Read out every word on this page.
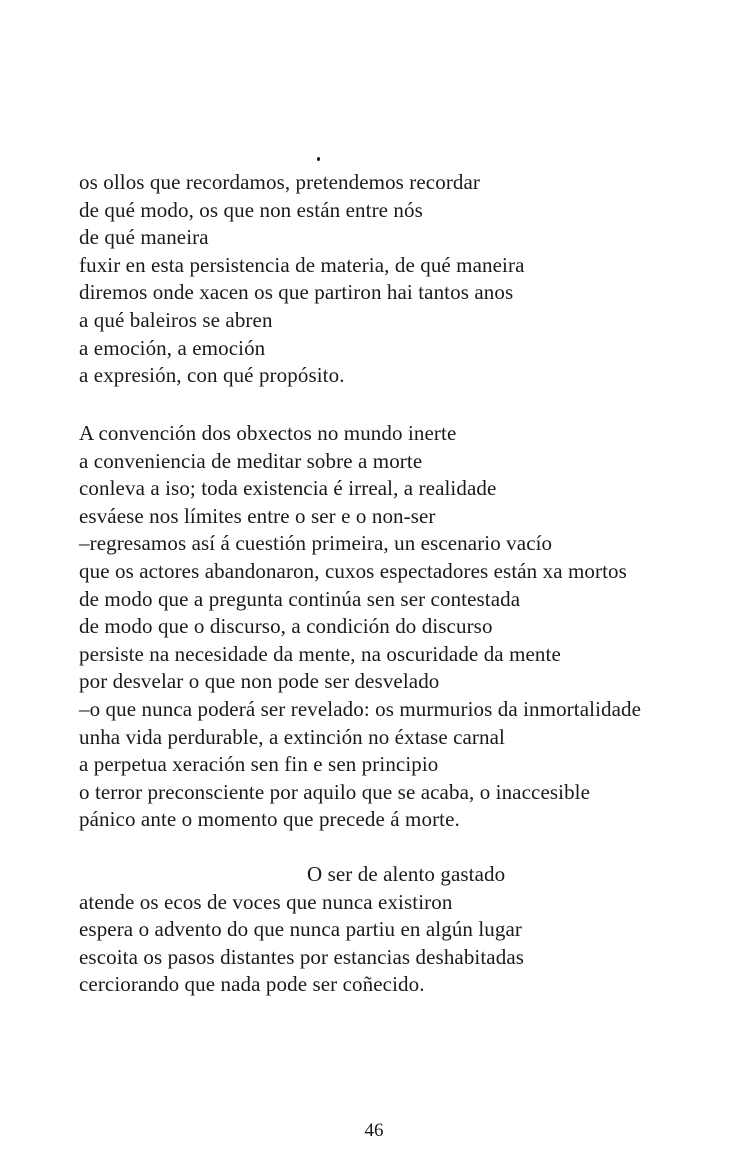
os ollos que recordamos, pretendemos recordar
de qué modo, os que non están entre nós
de qué maneira
fuxir en esta persistencia de materia, de qué maneira
diremos onde xacen os que partiron hai tantos anos
a qué baleiros se abren
a emoción, a emoción
a expresión, con qué propósito.
A convención dos obxectos no mundo inerte
a conveniencia de meditar sobre a morte
conleva a iso; toda existencia é irreal, a realidade
esváese nos límites entre o ser e o non-ser
–regresamos así á cuestión primeira, un escenario vacío
que os actores abandonaron, cuxos espectadores están xa mortos
de modo que a pregunta continúa sen ser contestada
de modo que o discurso, a condición do discurso
persiste na necesidade da mente, na oscuridade da mente
por desvelar o que non pode ser desvelado
–o que nunca poderá ser revelado: os murmurios da inmortalidade
unha vida perdurable, a extinción no éxtase carnal
a perpetua xeración sen fin e sen principio
o terror preconsciente por aquilo que se acaba, o inaccesible
pánico ante o momento que precede á morte.
O ser de alento gastado
atende os ecos de voces que nunca existiron
espera o advento do que nunca partiu en algún lugar
escoita os pasos distantes por estancias deshabitadas
cerciorando que nada pode ser coñecido.
46
